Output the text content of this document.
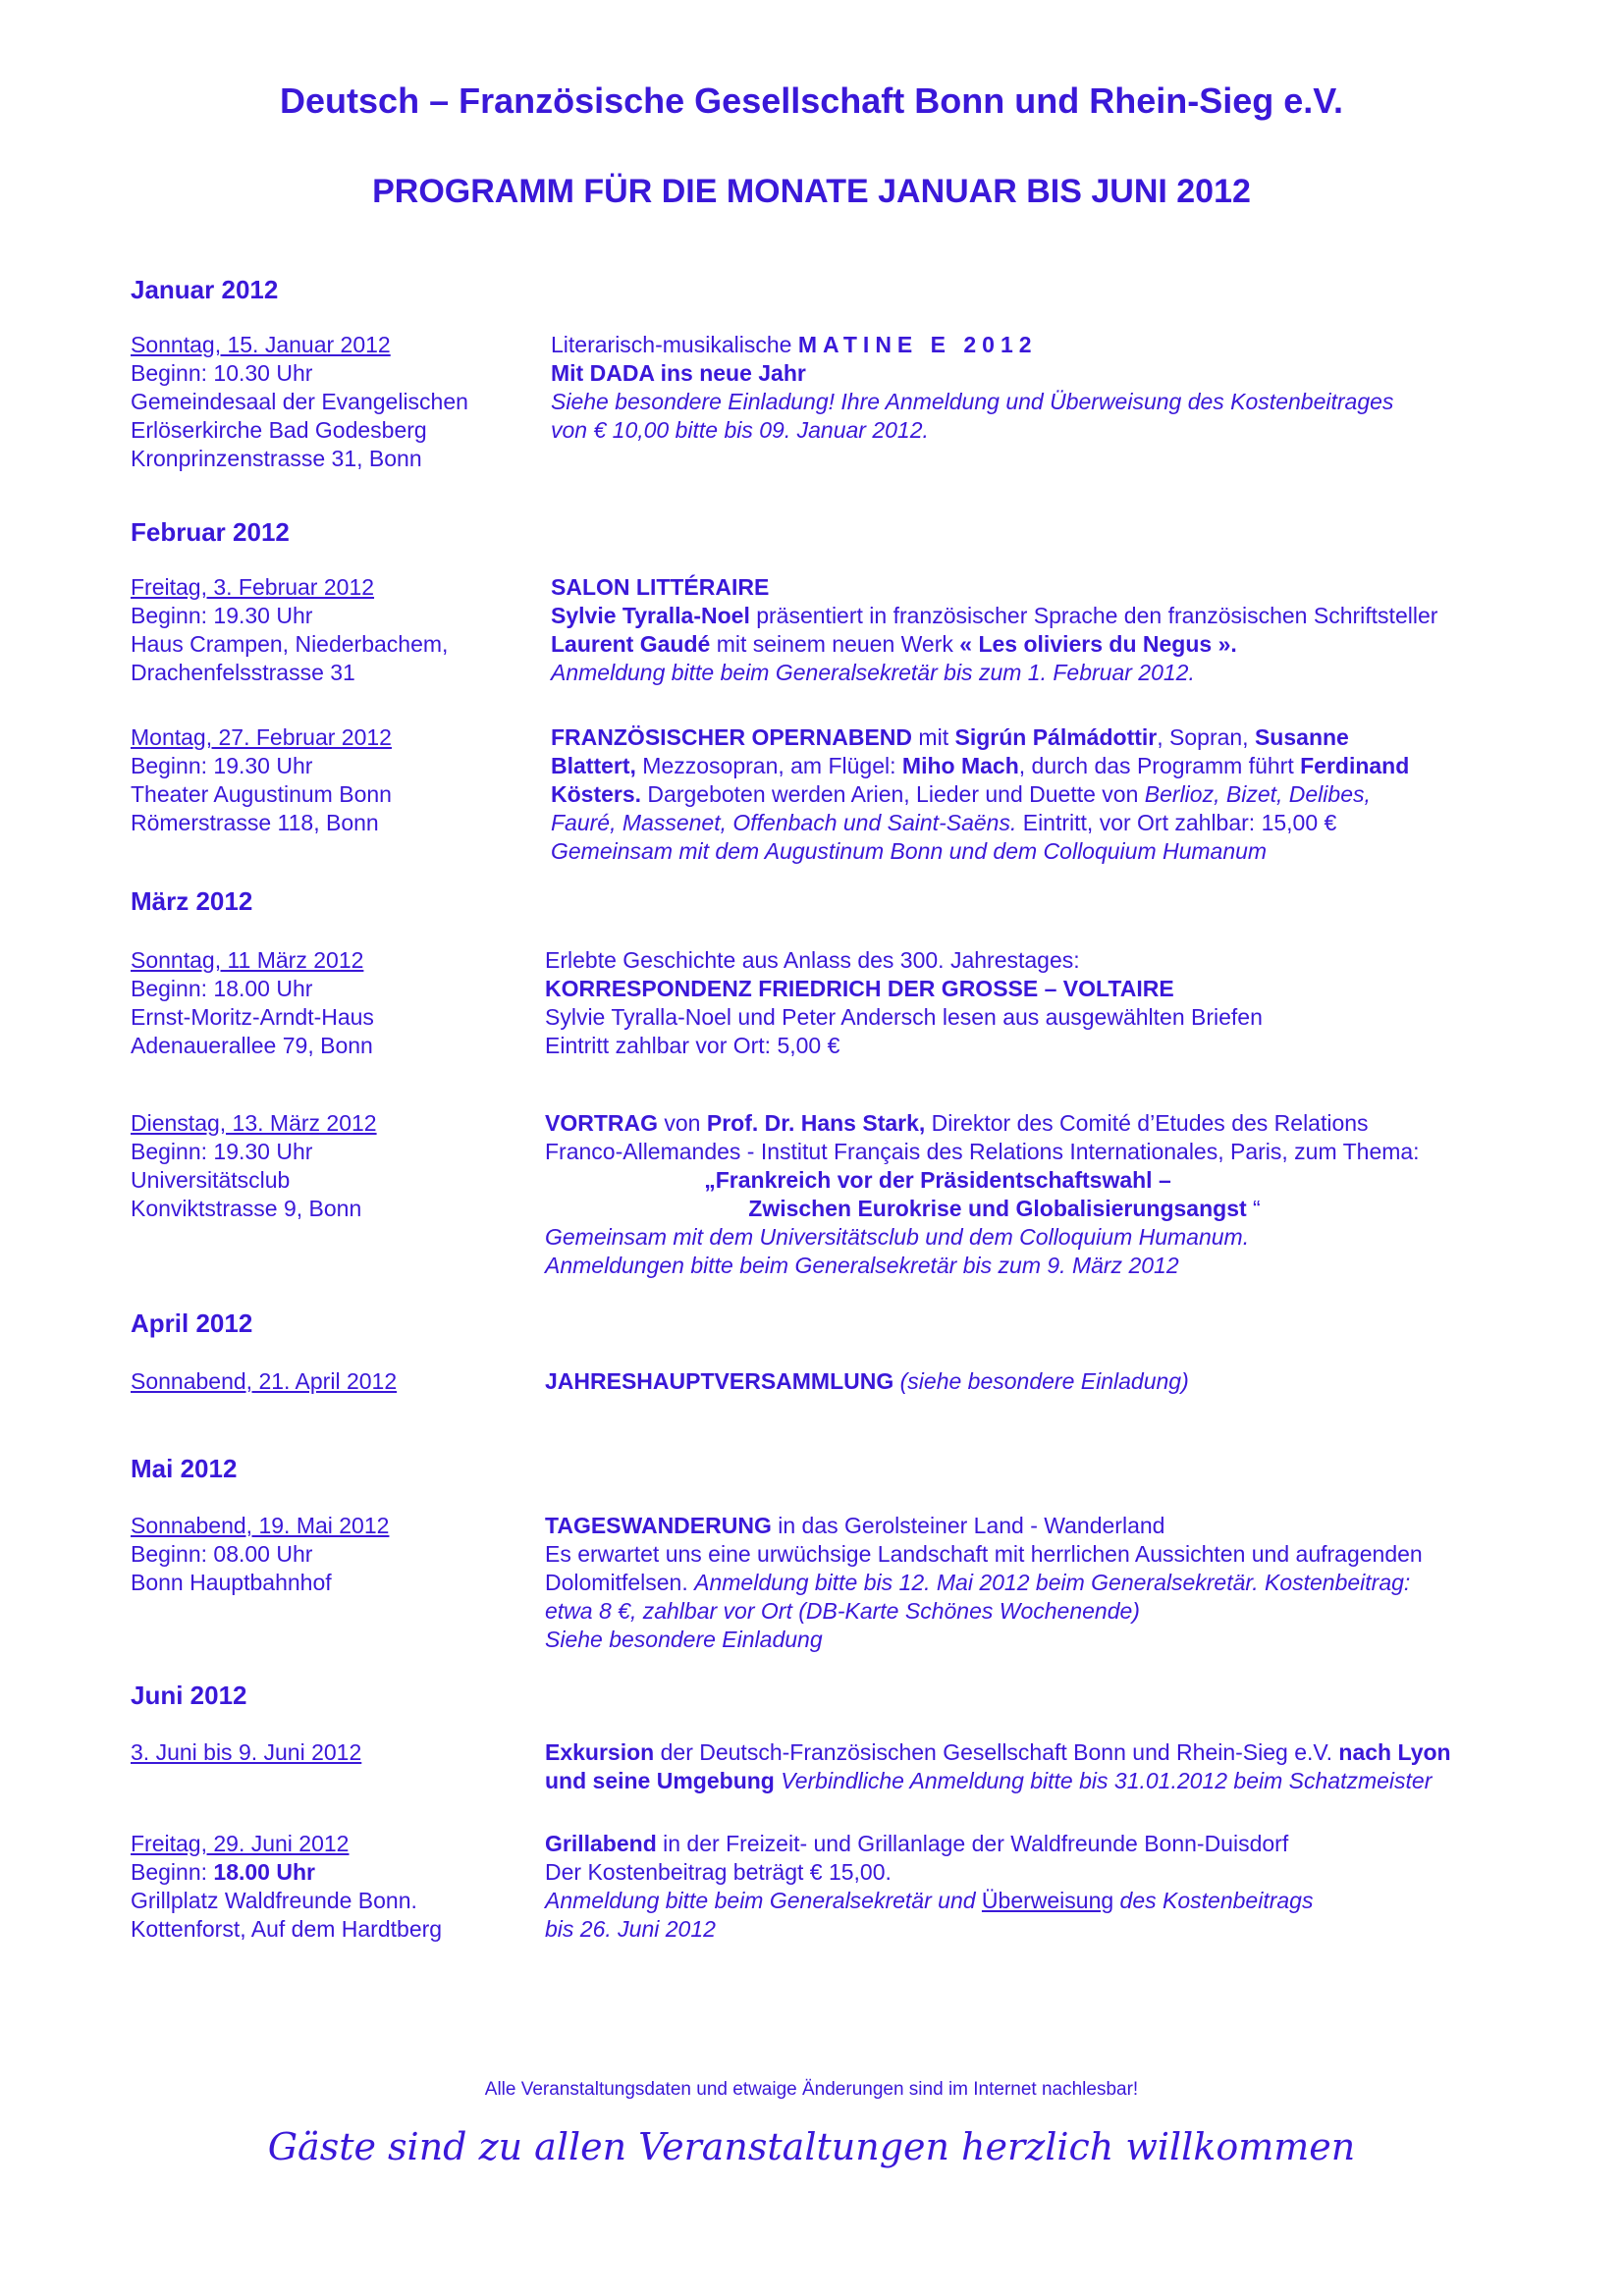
Deutsch – Französische Gesellschaft Bonn und Rhein-Sieg e.V.
PROGRAMM FÜR DIE MONATE JANUAR BIS JUNI 2012
Januar 2012
Sonntag, 15. Januar 2012
Beginn: 10.30 Uhr
Gemeindesaal der Evangelischen
Erlöserkirche Bad Godesberg
Kronprinzenstrasse 31, Bonn
Literarisch-musikalische MATINE E 2012
Mit DADA ins neue Jahr
Siehe besondere Einladung! Ihre Anmeldung und Überweisung des Kostenbeitrages
von € 10,00 bitte bis 09. Januar 2012.
Februar 2012
Freitag, 3. Februar 2012
Beginn: 19.30 Uhr
Haus Crampen, Niederbachem,
Drachenfelsstrasse 31
SALON LITTÉRAIRE
Sylvie Tyralla-Noel präsentiert in französischer Sprache den französischen Schriftsteller
Laurent Gaudé mit seinem neuen Werk « Les oliviers du Negus ».
Anmeldung bitte beim Generalsekretär bis zum 1. Februar 2012.
Montag, 27. Februar 2012
Beginn: 19.30 Uhr
Theater Augustinum Bonn
Römerstrasse 118, Bonn
FRANZÖSISCHER OPERNABEND mit Sigrún Pálmádottir, Sopran, Susanne
Blattert, Mezzosopran, am Flügel: Miho Mach, durch das Programm führt Ferdinand
Kösters. Dargeboten werden Arien, Lieder und Duette von Berlioz, Bizet, Delibes,
Fauré, Massenet, Offenbach und Saint-Saëns. Eintritt, vor Ort zahlbar: 15,00 €
Gemeinsam mit dem Augustinum Bonn und dem Colloquium Humanum
März 2012
Sonntag, 11 März 2012
Beginn: 18.00 Uhr
Ernst-Moritz-Arndt-Haus
Adenauerallee 79, Bonn
Erlebte Geschichte aus Anlass des 300. Jahrestages:
KORRESPONDENZ FRIEDRICH DER GROSSE – VOLTAIRE
Sylvie Tyralla-Noel und Peter Andersch lesen aus ausgewählten Briefen
Eintritt zahlbar vor Ort: 5,00 €
Dienstag, 13. März 2012
Beginn: 19.30 Uhr
Universitätsclub
Konviktstrasse 9, Bonn
VORTRAG von Prof. Dr. Hans Stark, Direktor des Comité d’Etudes des Relations
Franco-Allemandes - Institut Français des Relations Internationales, Paris, zum Thema:
„Frankreich vor der Präsidentschaftswahl –
Zwischen Eurokrise und Globalisierungsangst “
Gemeinsam mit dem Universitätsclub und dem Colloquium Humanum.
Anmeldungen bitte beim Generalsekretär bis zum 9. März 2012
April 2012
Sonnabend, 21. April 2012	JAHRESHAUPTVERSAMMLUNG (siehe besondere Einladung)
Mai 2012
Sonnabend, 19. Mai 2012
Beginn: 08.00 Uhr
Bonn Hauptbahnhof
TAGESWANDERUNG in das Gerolsteiner Land - Wanderland
Es erwartet uns eine urwüchsige Landschaft mit herrlichen Aussichten und aufragenden
Dolomitfelsen. Anmeldung bitte bis 12. Mai 2012 beim Generalsekretär. Kostenbeitrag:
etwa 8 €, zahlbar vor Ort (DB-Karte Schönes Wochenende)
Siehe besondere Einladung
Juni 2012
3. Juni bis 9. Juni 2012	Exkursion der Deutsch-Französischen Gesellschaft Bonn und Rhein-Sieg e.V. nach Lyon
und seine Umgebung Verbindliche Anmeldung bitte bis 31.01.2012 beim Schatzmeister
Freitag, 29. Juni 2012
Beginn: 18.00 Uhr
Grillplatz Waldfreunde Bonn.
Kottenforst, Auf dem Hardtberg
Grillabend in der Freizeit- und Grillanlage der Waldfreunde Bonn-Duisdorf
Der Kostenbeitrag beträgt € 15,00.
Anmeldung bitte beim Generalsekretär und Überweisung des Kostenbeitrags
bis 26. Juni 2012
Alle Veranstaltungsdaten und etwaige Änderungen sind im Internet nachlesbar!
Gäste sind zu allen Veranstaltungen herzlich willkommen
